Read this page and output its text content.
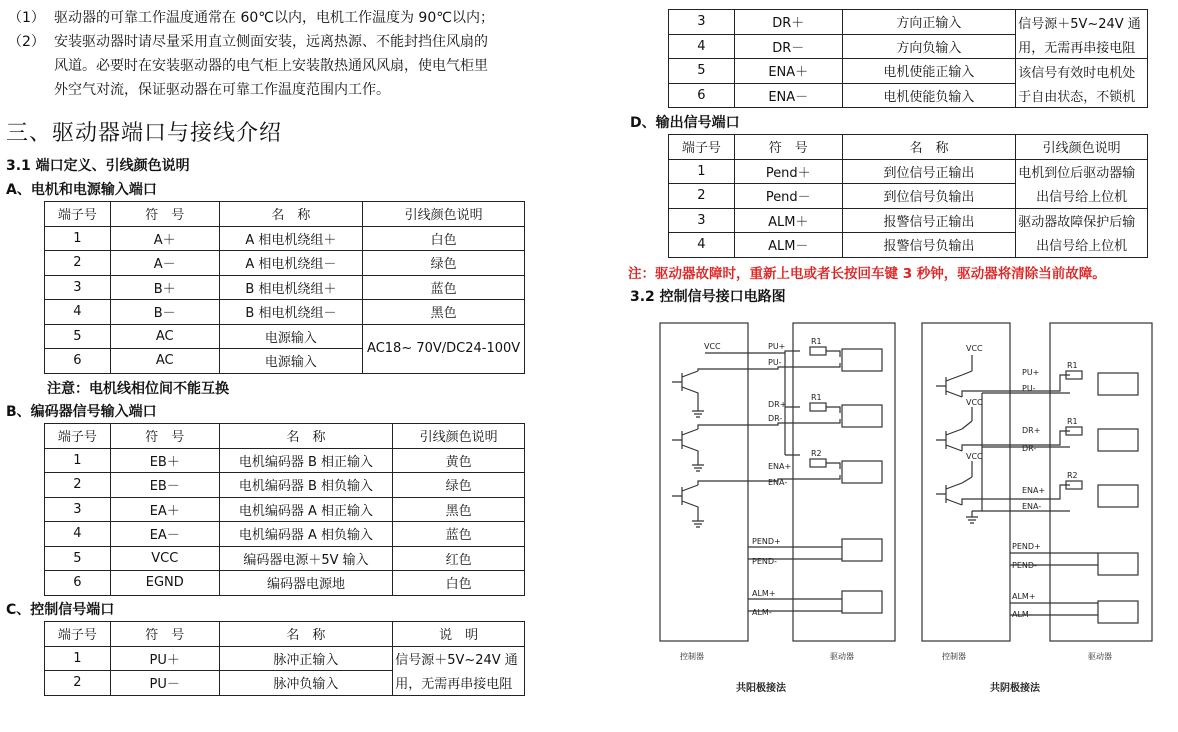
（1） 驱动器的可靠工作温度通常在 60℃以内，电机工作温度为 90℃以内；
（2） 安装驱动器时请尽量采用直立侧面安装，远离热源、不能封挡住风扇的
风道。必要时在安装驱动器的电气柜上安装散热通风风扇，使电气柜里
外空气对流，保证驱动器在可靠工作温度范围内工作。
三、驱动器端口与接线介绍
3.1 端口定义、引线颜色说明
A、电机和电源输入端口
端子号	符　号	名　称	引线颜色说明
1	A＋	A 相电机绕组＋	白色
2	A－	A 相电机绕组－	绿色
3	B＋	B 相电机绕组＋	蓝色
4	B－	B 相电机绕组－	黑色
5	AC	电源输入	AC18~ 70V/DC24-100V
6	AC	电源输入	
注意：电机线相位间不能互换
B、编码器信号输入端口
端子号	符　号	名　称	引线颜色说明
1	EB＋	电机编码器 B 相正输入	黄色
2	EB－	电机编码器 B 相负输入	绿色
3	EA＋	电机编码器 A 相正输入	黑色
4	EA－	电机编码器 A 相负输入	蓝色
5	VCC	编码器电源＋5V 输入	红色
6	EGND	编码器电源地	白色
C、控制信号端口
端子号	符　号	名　称	说　明
1	PU＋	脉冲正输入	信号源＋5V~24V 通
2	PU－	脉冲负输入	用，无需再串接电阻
3	DR＋	方向正输入	信号源＋5V~24V 通
4	DR－	方向负输入	用，无需再串接电阻
5	ENA＋	电机使能正输入	该信号有效时电机处
6	ENA－	电机使能负输入	于自由状态，不锁机
D、输出信号端口
端子号	符　号	名　称	引线颜色说明
1	Pend＋	到位信号正输出	电机到位后驱动器输
2	Pend－	到位信号负输出	出信号给上位机
3	ALM＋	报警信号正输出	驱动器故障保护后输
4	ALM－	报警信号负输出	出信号给上位机
注：驱动器故障时，重新上电或者长按回车键 3 秒钟，驱动器将清除当前故障。
3.2 控制信号接口电路图
VCC	PU+
PU-
DR+
DR-
ENA+
ENA-
PEND+
PEND-
ALM+
ALM-
R1
R1
R2
控制器	驱动器
VCC
VCC
VCC
PU+
PU-
DR+
DR-
ENA+
ENA-
PEND+
PEND-
ALM+
ALM-
R1
R1
R2
控制器	驱动器
共阳极接法	共阴极接法
